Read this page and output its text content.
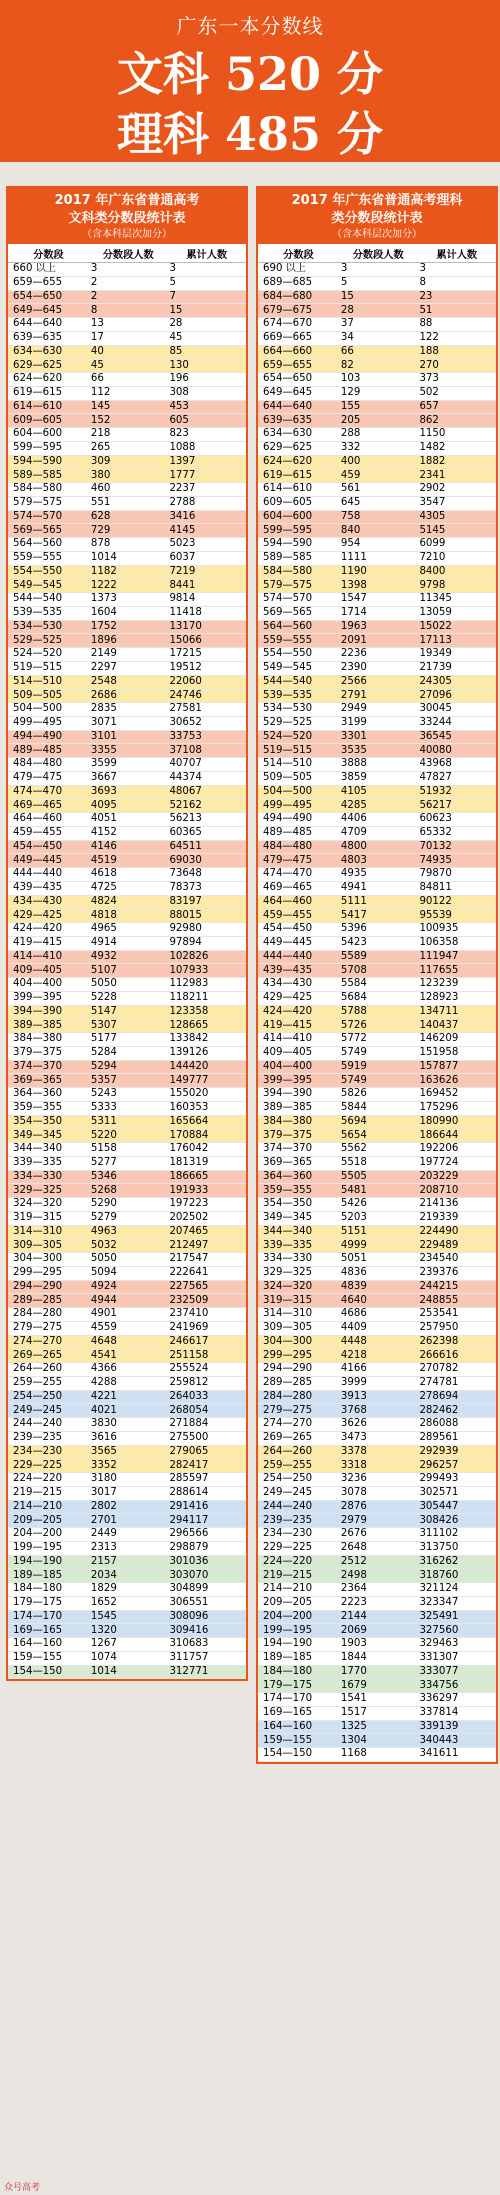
广东一本分数线
文科 520 分
理科 485 分
2017 年广东省普通高考
文科类分数段统计表
（含本科层次加分）
分数段	分数段人数	累计人数
660 以上	3	3
659—655	2	5
654—650	2	7
649—645	8	15
644—640	13	28
639—635	17	45
634—630	40	85
629—625	45	130
624—620	66	196
619—615	112	308
614—610	145	453
609—605	152	605
604—600	218	823
599—595	265	1088
594—590	309	1397
589—585	380	1777
584—580	460	2237
579—575	551	2788
574—570	628	3416
569—565	729	4145
564—560	878	5023
559—555	1014	6037
554—550	1182	7219
549—545	1222	8441
544—540	1373	9814
539—535	1604	11418
534—530	1752	13170
529—525	1896	15066
524—520	2149	17215
519—515	2297	19512
514—510	2548	22060
509—505	2686	24746
504—500	2835	27581
499—495	3071	30652
494—490	3101	33753
489—485	3355	37108
484—480	3599	40707
479—475	3667	44374
474—470	3693	48067
469—465	4095	52162
464—460	4051	56213
459—455	4152	60365
454—450	4146	64511
449—445	4519	69030
444—440	4618	73648
439—435	4725	78373
434—430	4824	83197
429—425	4818	88015
424—420	4965	92980
419—415	4914	97894
414—410	4932	102826
409—405	5107	107933
404—400	5050	112983
399—395	5228	118211
394—390	5147	123358
389—385	5307	128665
384—380	5177	133842
379—375	5284	139126
374—370	5294	144420
369—365	5357	149777
364—360	5243	155020
359—355	5333	160353
354—350	5311	165664
349—345	5220	170884
344—340	5158	176042
339—335	5277	181319
334—330	5346	186665
329—325	5268	191933
324—320	5290	197223
319—315	5279	202502
314—310	4963	207465
309—305	5032	212497
304—300	5050	217547
299—295	5094	222641
294—290	4924	227565
289—285	4944	232509
284—280	4901	237410
279—275	4559	241969
274—270	4648	246617
269—265	4541	251158
264—260	4366	255524
259—255	4288	259812
254—250	4221	264033
249—245	4021	268054
244—240	3830	271884
239—235	3616	275500
234—230	3565	279065
229—225	3352	282417
224—220	3180	285597
219—215	3017	288614
214—210	2802	291416
209—205	2701	294117
204—200	2449	296566
199—195	2313	298879
194—190	2157	301036
189—185	2034	303070
184—180	1829	304899
179—175	1652	306551
174—170	1545	308096
169—165	1320	309416
164—160	1267	310683
159—155	1074	311757
154—150	1014	312771
2017 年广东省普通高考理科
类分数段统计表
（含本科层次加分）
分数段	分数段人数	累计人数
690 以上	3	3
689—685	5	8
684—680	15	23
679—675	28	51
674—670	37	88
669—665	34	122
664—660	66	188
659—655	82	270
654—650	103	373
649—645	129	502
644—640	155	657
639—635	205	862
634—630	288	1150
629—625	332	1482
624—620	400	1882
619—615	459	2341
614—610	561	2902
609—605	645	3547
604—600	758	4305
599—595	840	5145
594—590	954	6099
589—585	1111	7210
584—580	1190	8400
579—575	1398	9798
574—570	1547	11345
569—565	1714	13059
564—560	1963	15022
559—555	2091	17113
554—550	2236	19349
549—545	2390	21739
544—540	2566	24305
539—535	2791	27096
534—530	2949	30045
529—525	3199	33244
524—520	3301	36545
519—515	3535	40080
514—510	3888	43968
509—505	3859	47827
504—500	4105	51932
499—495	4285	56217
494—490	4406	60623
489—485	4709	65332
484—480	4800	70132
479—475	4803	74935
474—470	4935	79870
469—465	4941	84811
464—460	5111	90122
459—455	5417	95539
454—450	5396	100935
449—445	5423	106358
444—440	5589	111947
439—435	5708	117655
434—430	5584	123239
429—425	5684	128923
424—420	5788	134711
419—415	5726	140437
414—410	5772	146209
409—405	5749	151958
404—400	5919	157877
399—395	5749	163626
394—390	5826	169452
389—385	5844	175296
384—380	5694	180990
379—375	5654	186644
374—370	5562	192206
369—365	5518	197724
364—360	5505	203229
359—355	5481	208710
354—350	5426	214136
349—345	5203	219339
344—340	5151	224490
339—335	4999	229489
334—330	5051	234540
329—325	4836	239376
324—320	4839	244215
319—315	4640	248855
314—310	4686	253541
309—305	4409	257950
304—300	4448	262398
299—295	4218	266616
294—290	4166	270782
289—285	3999	274781
284—280	3913	278694
279—275	3768	282462
274—270	3626	286088
269—265	3473	289561
264—260	3378	292939
259—255	3318	296257
254—250	3236	299493
249—245	3078	302571
244—240	2876	305447
239—235	2979	308426
234—230	2676	311102
229—225	2648	313750
224—220	2512	316262
219—215	2498	318760
214—210	2364	321124
209—205	2223	323347
204—200	2144	325491
199—195	2069	327560
194—190	1903	329463
189—185	1844	331307
184—180	1770	333077
179—175	1679	334756
174—170	1541	336297
169—165	1517	337814
164—160	1325	339139
159—155	1304	340443
154—150	1168	341611
众号高考
